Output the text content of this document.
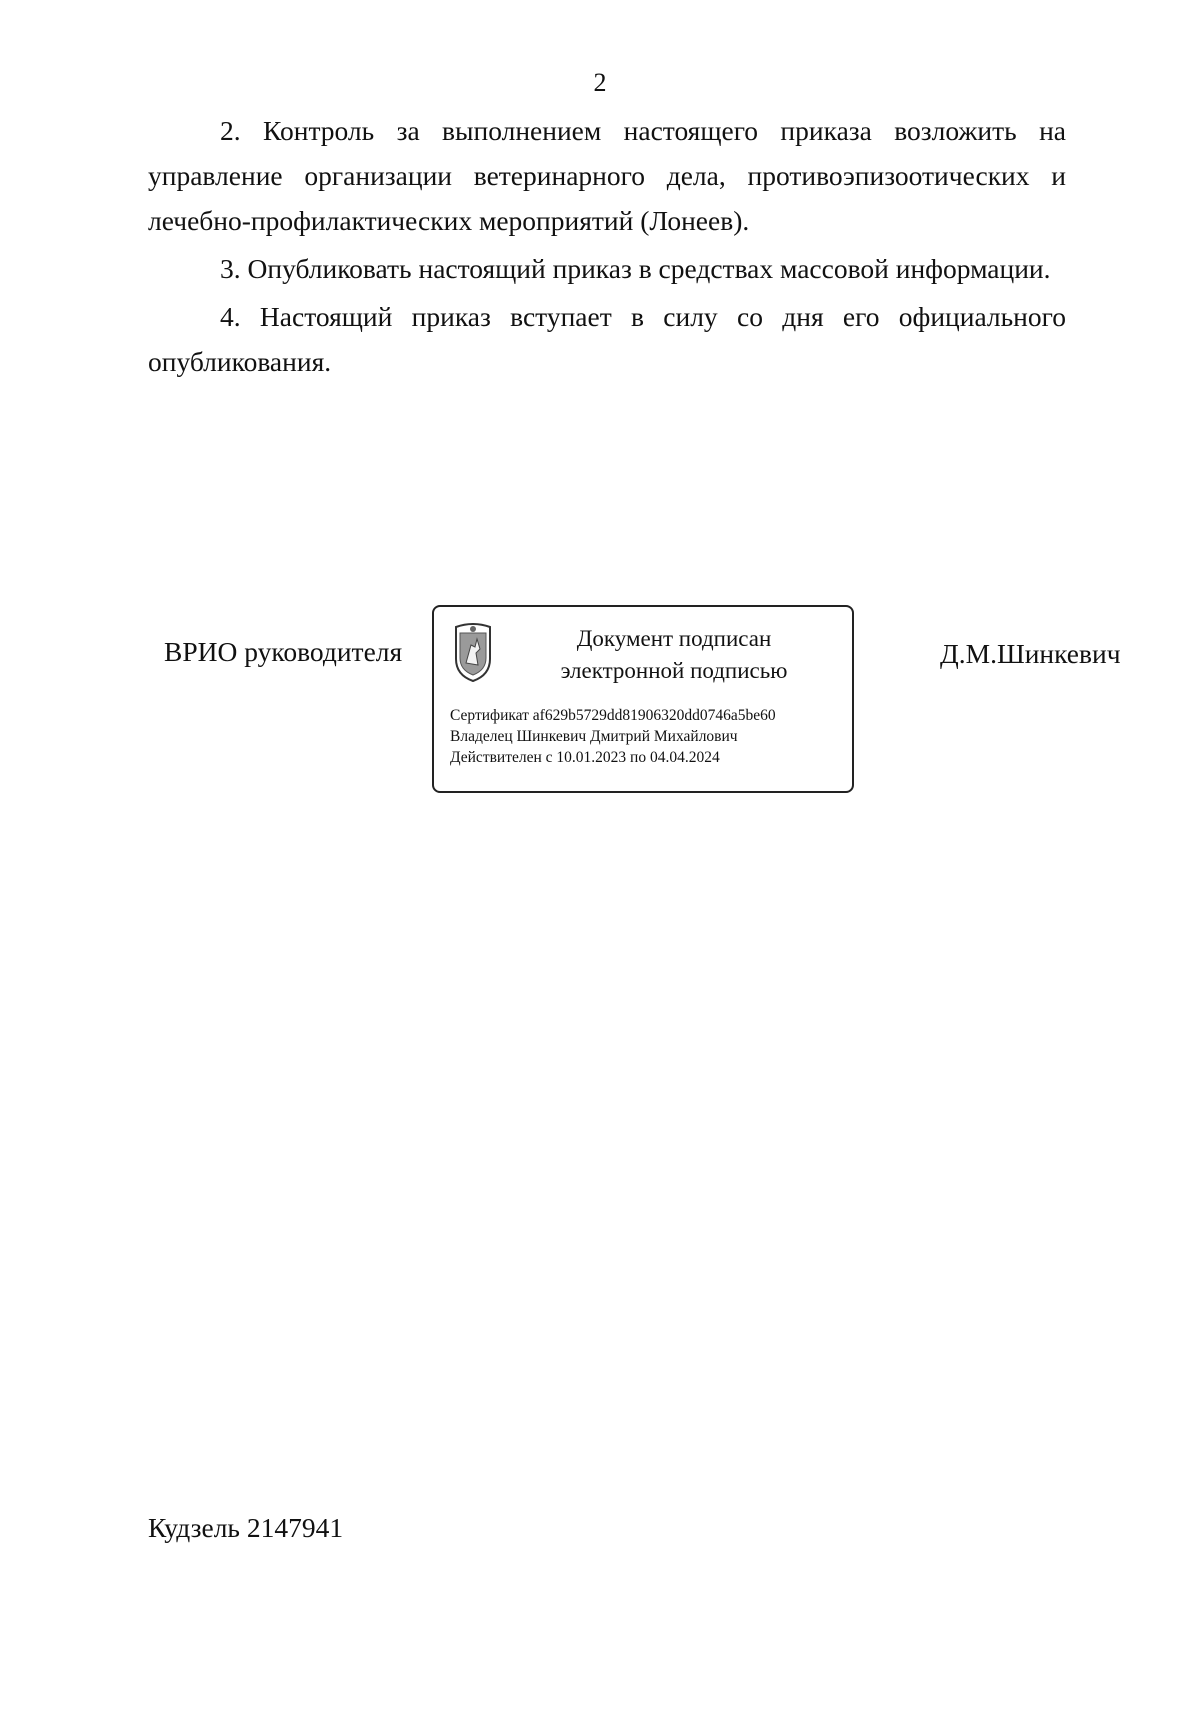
2

2. Контроль за выполнением настоящего приказа возложить на управление организации ветеринарного дела, противоэпизоотических и лечебно-профилактических мероприятий (Лонеев).

3. Опубликовать настоящий приказ в средствах массовой информации.

4. Настоящий приказ вступает в силу со дня его официального опубликования.

ВРИО руководителя	Документ подписан
электронной подписью
Сертификат af629b5729dd81906320dd0746a5be60
Владелец Шинкевич Дмитрий Михайлович
Действителен с 10.01.2023 по 04.04.2024
Д.М.Шинкевич
Кудзель 2147941
